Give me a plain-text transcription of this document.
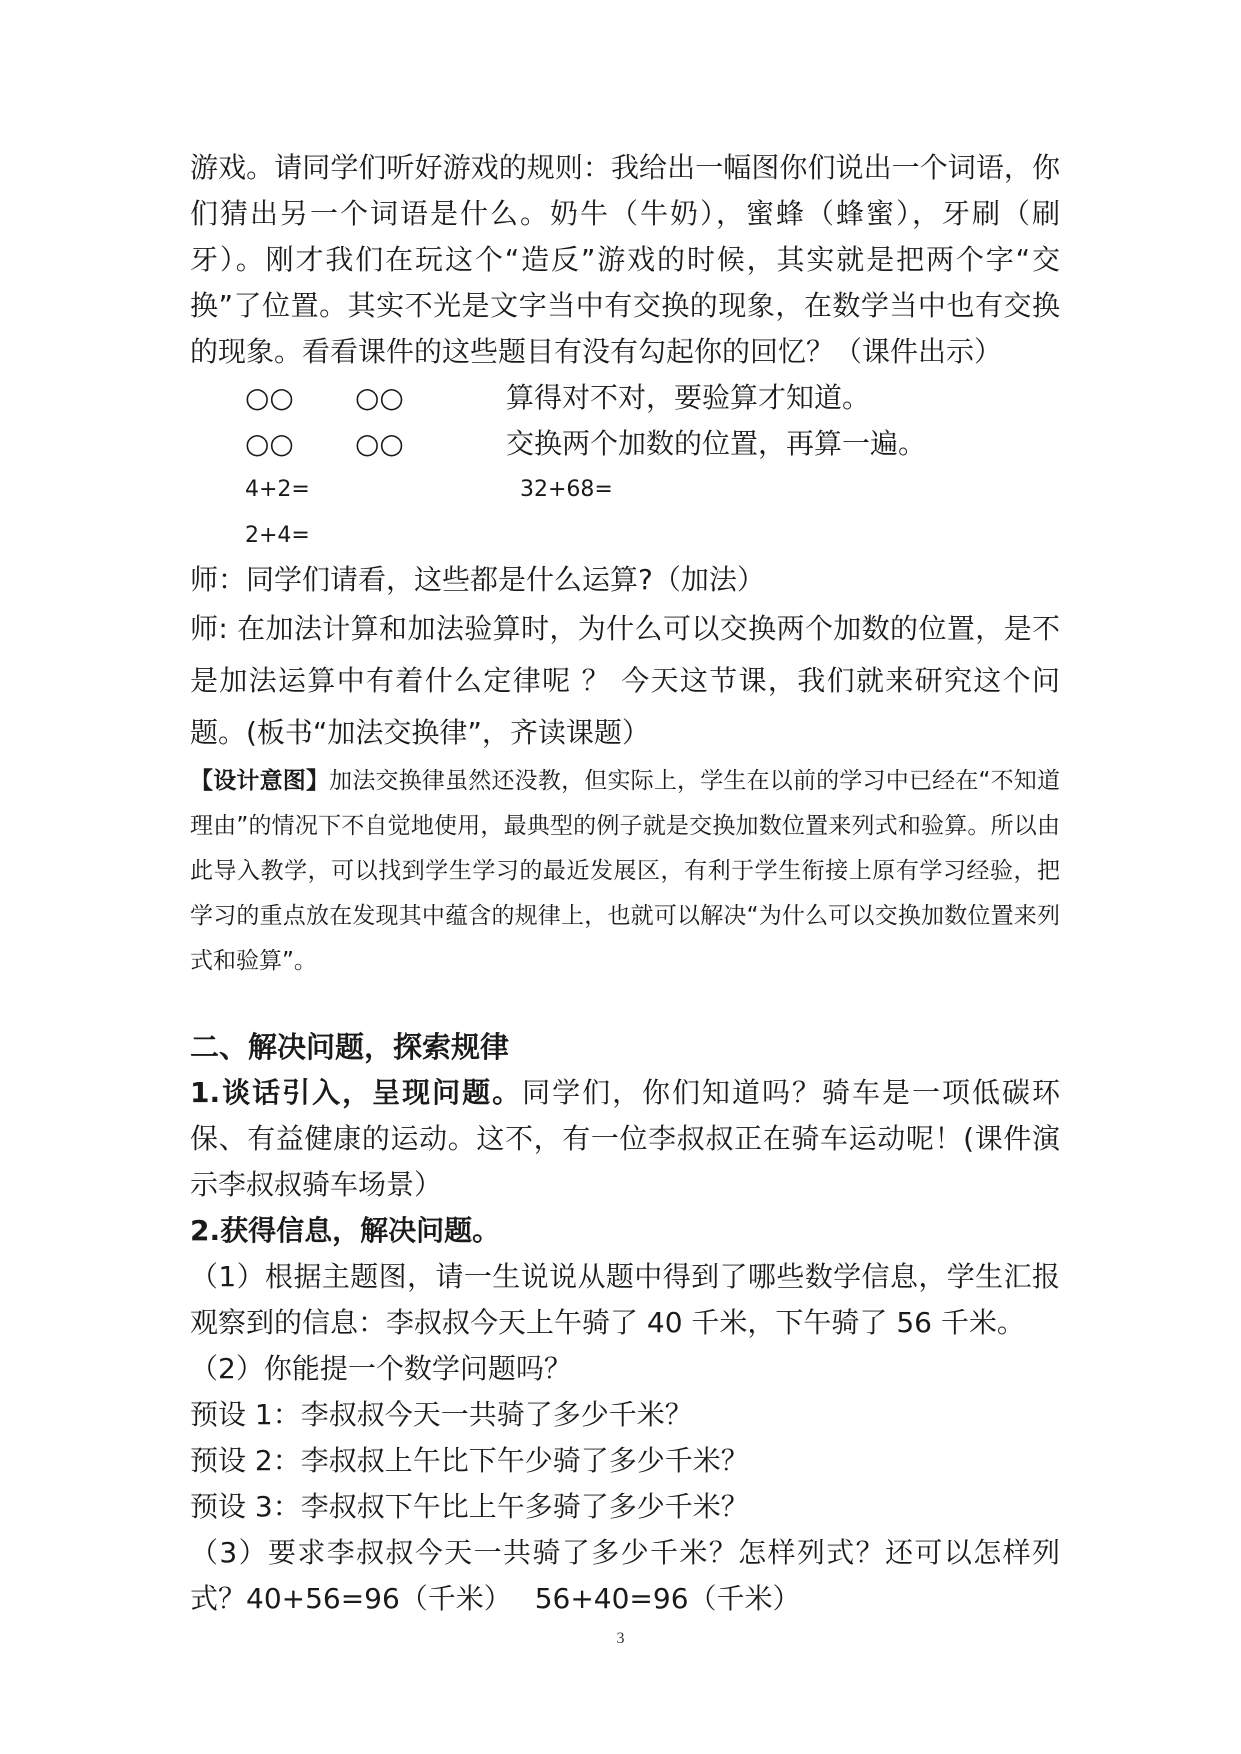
游戏。请同学们听好游戏的规则：我给出一幅图你们说出一个词语，你们猜出另一个词语是什么。奶牛（牛奶），蜜蜂（蜂蜜），牙刷（刷牙）。刚才我们在玩这个“造反”游戏的时候，其实就是把两个字“交换”了位置。其实不光是文字当中有交换的现象，在数学当中也有交换的现象。看看课件的这些题目有没有勾起你的回忆？（课件出示）

○○ ○○	算得对不对，要验算才知道。
○○ ○○	交换两个加数的位置，再算一遍。
4+2=	32+68=
2+4=

师：同学们请看，这些都是什么运算?（加法）

师: 在加法计算和加法验算时，为什么可以交换两个加数的位置，是不是加法运算中有着什么定律呢 ？ 今天这节课，我们就来研究这个问题。(板书“加法交换律”，齐读课题）

【设计意图】加法交换律虽然还没教，但实际上，学生在以前的学习中已经在“不知道理由”的情况下不自觉地使用，最典型的例子就是交换加数位置来列式和验算。所以由此导入教学，可以找到学生学习的最近发展区，有利于学生衔接上原有学习经验，把学习的重点放在发现其中蕴含的规律上，也就可以解决“为什么可以交换加数位置来列式和验算”。

二、解决问题，探索规律

1.谈话引入，呈现问题。同学们，你们知道吗？骑车是一项低碳环保、有益健康的运动。这不，有一位李叔叔正在骑车运动呢！(课件演示李叔叔骑车场景）

2.获得信息，解决问题。

（1）根据主题图，请一生说说从题中得到了哪些数学信息，学生汇报观察到的信息：李叔叔今天上午骑了 40 千米，下午骑了 56 千米。

（2）你能提一个数学问题吗？

预设 1：李叔叔今天一共骑了多少千米？

预设 2：李叔叔上午比下午少骑了多少千米？

预设 3：李叔叔下午比上午多骑了多少千米？

（3）要求李叔叔今天一共骑了多少千米？怎样列式？还可以怎样列式？40+56=96（千米）　 56+40=96（千米）

3
